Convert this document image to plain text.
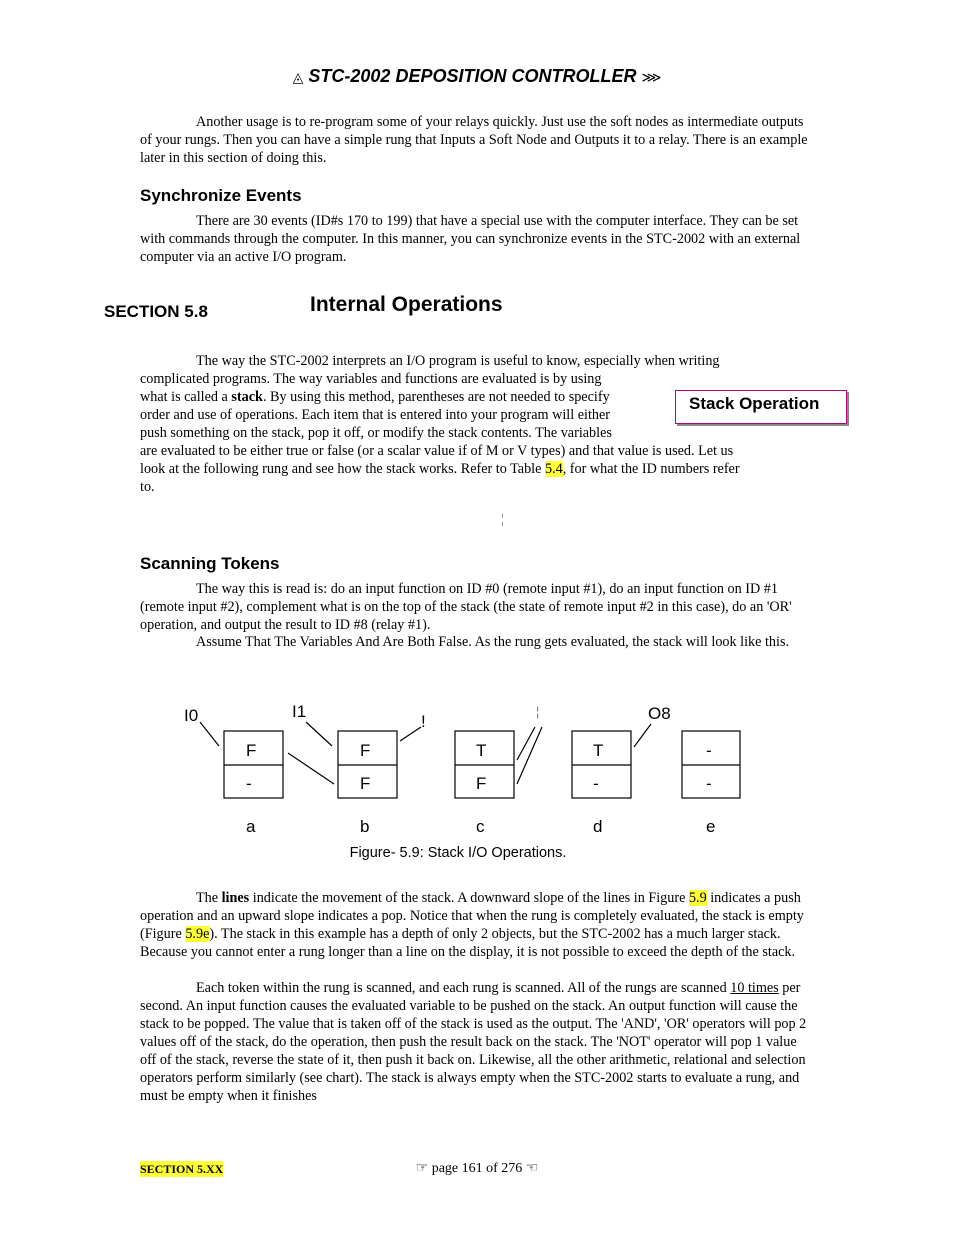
◬ STC-2002 DEPOSITION CONTROLLER ⋙
Another usage is to re-program some of your relays quickly. Just use the soft nodes as intermediate outputs of your rungs. Then you can have a simple rung that Inputs a Soft Node and Outputs it to a relay. There is an example later in this section of doing this.
Synchronize Events
There are 30 events (ID#s 170 to 199) that have a special use with the computer interface. They can be set with commands through the computer. In this manner, you can synchronize events in the STC-2002 with an external computer via an active I/O program.
SECTION 5.8	Internal Operations
The way the STC-2002 interprets an I/O program is useful to know, especially when writing
complicated programs. The way variables and functions are evaluated is by using
what is called a stack. By using this method, parentheses are not needed to specify
order and use of operations. Each item that is entered into your program will either
push something on the stack, pop it off, or modify the stack contents. The variables
are evaluated to be either true or false (or a scalar value if of M or V types) and that value is used. Let us
look at the following rung and see how the stack works. Refer to Table 5.4, for what the ID numbers refer
to.
Stack Operation
¦
Scanning Tokens
The way this is read is: do an input function on ID #0 (remote input #1), do an input function on ID #1 (remote input #2), complement what is on the top of the stack (the state of remote input #2 in this case), do an 'OR' operation, and output the result to ID #8 (relay #1).
Assume That The Variables And Are Both False. As the rung gets evaluated, the stack will look like this.
I0	I1
!
¦	O8
F
-
a
F
F
b
T
F
c
T
-
d
-
-
e
Figure- 5.9: Stack I/O Operations.
The lines indicate the movement of the stack. A downward slope of the lines in Figure 5.9 indicates a push operation and an upward slope indicates a pop. Notice that when the rung is completely evaluated, the stack is empty (Figure 5.9e). The stack in this example has a depth of only 2 objects, but the STC-2002 has a much larger stack. Because you cannot enter a rung longer than a line on the display, it is not possible to exceed the depth of the stack.
Each token within the rung is scanned, and each rung is scanned. All of the rungs are scanned 10 times per second. An input function causes the evaluated variable to be pushed on the stack. An output function will cause the stack to be popped. The value that is taken off of the stack is used as the output. The 'AND', 'OR' operators will pop 2 values off of the stack, do the operation, then push the result back on the stack. The 'NOT' operator will pop 1 value off of the stack, reverse the state of it, then push it back on. Likewise, all the other arithmetic, relational and selection operators perform similarly (see chart). The stack is always empty when the STC-2002 starts to evaluate a rung, and must be empty when it finishes
SECTION 5.XX	☞ page 161 of 276 ☜
